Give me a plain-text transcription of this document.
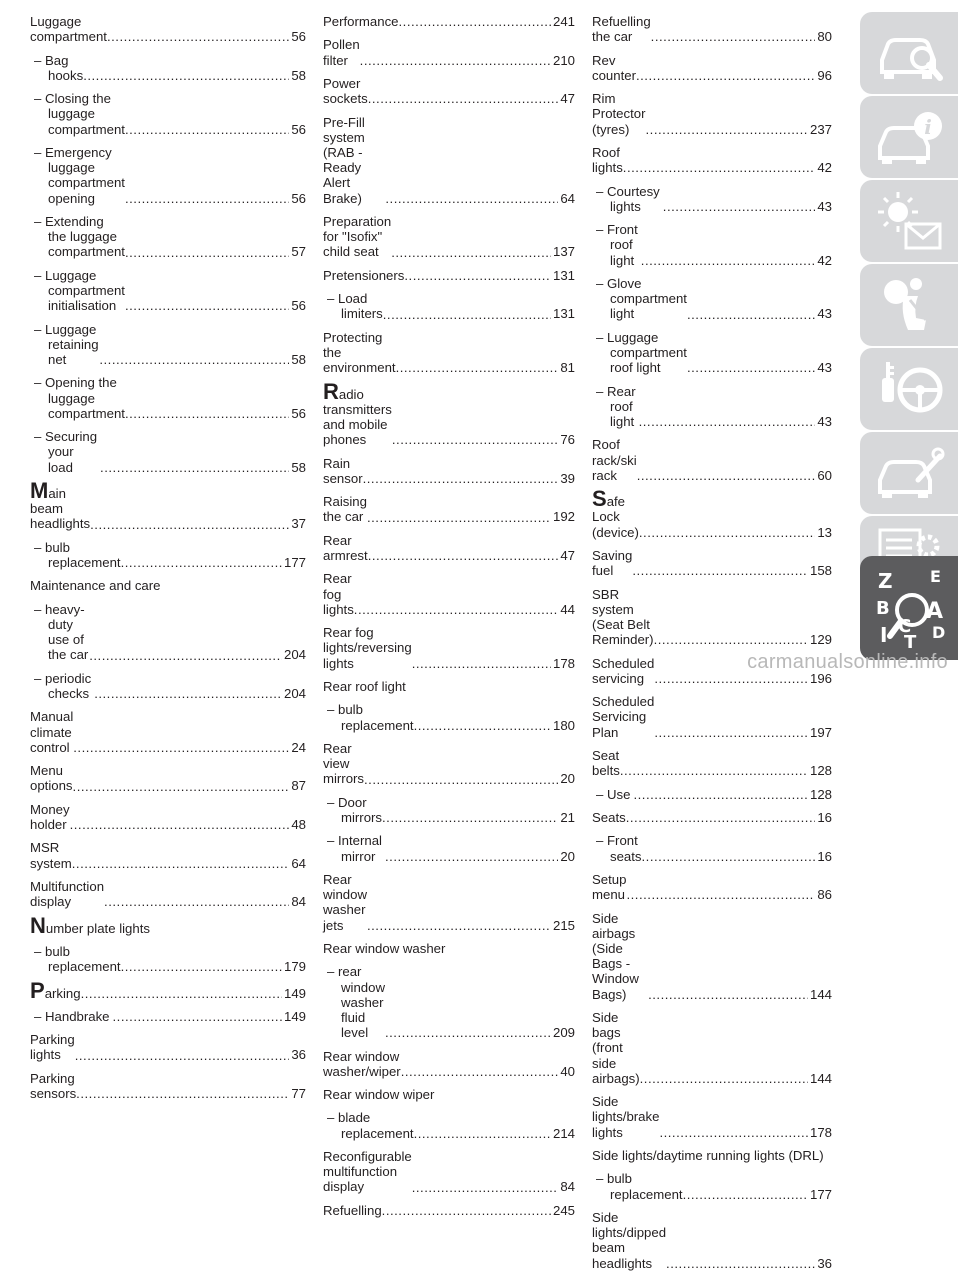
Luggage compartment .....	56
– Bag hooks .....	58
– Closing the luggage compartment .....	56
– Emergency luggage compartment opening .....	56
– Extending the luggage compartment .....	57
– Luggage compartment initialisation .....	56
– Luggage retaining net .....	58
– Opening the luggage compartment .....	56
– Securing your load .....	58
Main beam headlights .....	37
– bulb replacement .....	177
Maintenance and care
– heavy-duty use of the car .....	204
– periodic checks .....	204
Manual climate control .....	24
Menu options .....	87
Money holder .....	48
MSR system .....	64
Multifunction display .....	84
Number plate lights
– bulb replacement .....	179
Parking .....	149
– Handbrake .....	149
Parking lights .....	36
Parking sensors .....	77
Performance .....	241
Pollen filter .....	210
Power sockets .....	47
Pre-Fill system (RAB - Ready Alert Brake) .....	64
Preparation for "Isofix" child seat .....	137
Pretensioners .....	131
– Load limiters .....	131
Protecting the environment .....	81
Radio transmitters and mobile phones .....	76
Rain sensor .....	39
Raising the car .....	192
Rear armrest .....	47
Rear fog lights .....	44
Rear fog lights/reversing lights .....	178
Rear roof light
– bulb replacement .....	180
Rear view mirrors .....	20
– Door mirrors .....	21
– Internal mirror .....	20
Rear window washer jets .....	215
Rear window washer
– rear window washer fluid level .....	209
Rear window washer/wiper .....	40
Rear window wiper
– blade replacement .....	214
Reconfigurable multifunction display .....	84
Refuelling .....	245
Refuelling the car .....	80
Rev counter .....	96
Rim Protector (tyres) .....	237
Roof lights .....	42
– Courtesy lights .....	43
– Front roof light .....	42
– Glove compartment light .....	43
– Luggage compartment roof light .....	43
– Rear roof light .....	43
Roof rack/ski rack .....	60
Safe Lock (device) .....	13
Saving fuel .....	158
SBR system (Seat Belt Reminder) .....	129
Scheduled servicing .....	196
Scheduled Servicing Plan .....	197
Seat belts .....	128
– Use .....	128
Seats .....	16
– Front seats .....	16
Setup menu .....	86
Side airbags (Side Bags - Window Bags) .....	144
Side bags (front side airbags) .....	144
Side lights/brake lights .....	178
Side lights/daytime running lights (DRL)
– bulb replacement .....	177
Side lights/dipped beam headlights .....	36
i
Z E
B A
I C
T D
carmanualsonline.info
